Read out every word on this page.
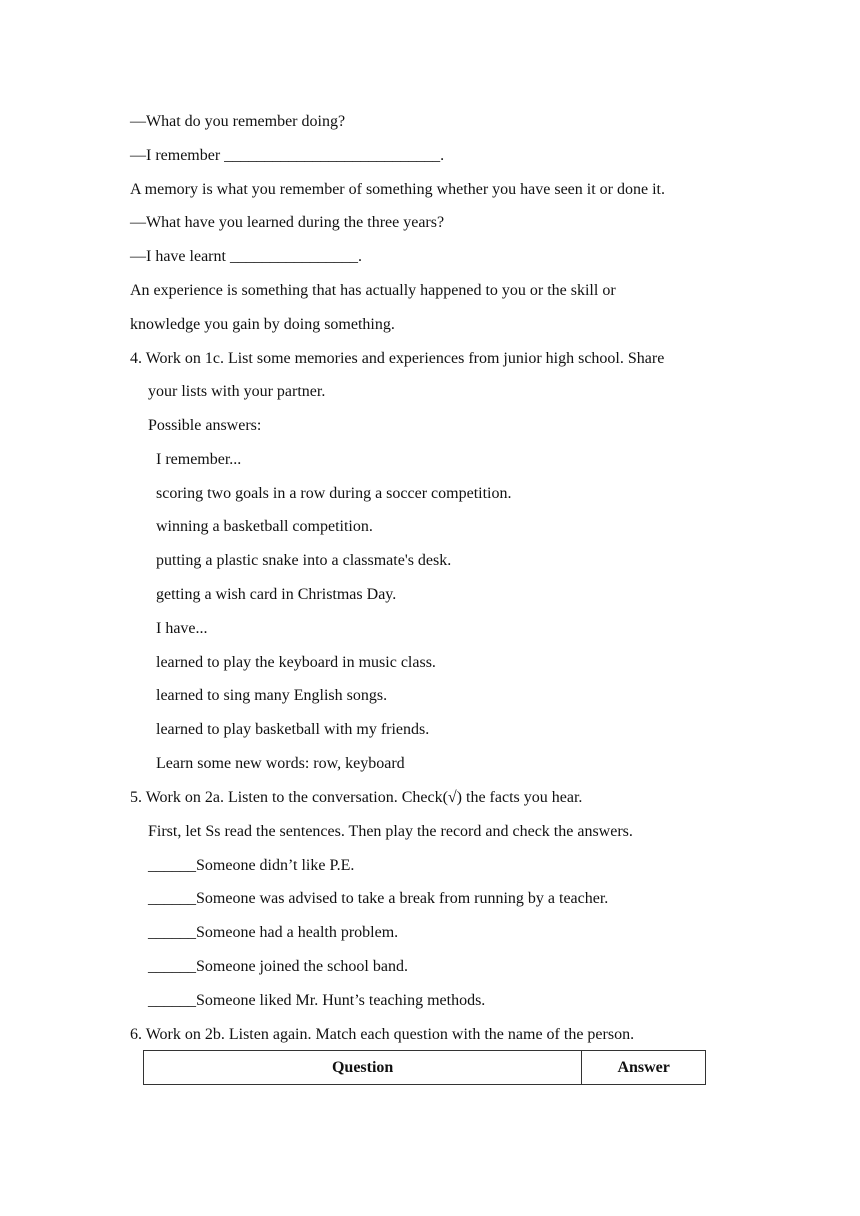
—What do you remember doing?
—I remember ___________________________.
A memory is what you remember of something whether you have seen it or done it.
—What have you learned during the three years?
—I have learnt ________________.
An experience is something that has actually happened to you or the skill or
knowledge you gain by doing something.
4. Work on 1c. List some memories and experiences from junior high school. Share
your lists with your partner.
Possible answers:
I remember...
scoring two goals in a row during a soccer competition.
winning a basketball competition.
putting a plastic snake into a classmate's desk.
getting a wish card in Christmas Day.
I have...
learned to play the keyboard in music class.
learned to sing many English songs.
learned to play basketball with my friends.
Learn some new words: row, keyboard
5. Work on 2a. Listen to the conversation. Check(√) the facts you hear.
First, let Ss read the sentences. Then play the record and check the answers.
______Someone didn’t like P.E.
______Someone was advised to take a break from running by a teacher.
______Someone had a health problem.
______Someone joined the school band.
______Someone liked Mr. Hunt’s teaching methods.
6. Work on 2b. Listen again. Match each question with the name of the person.
Question	Answer
